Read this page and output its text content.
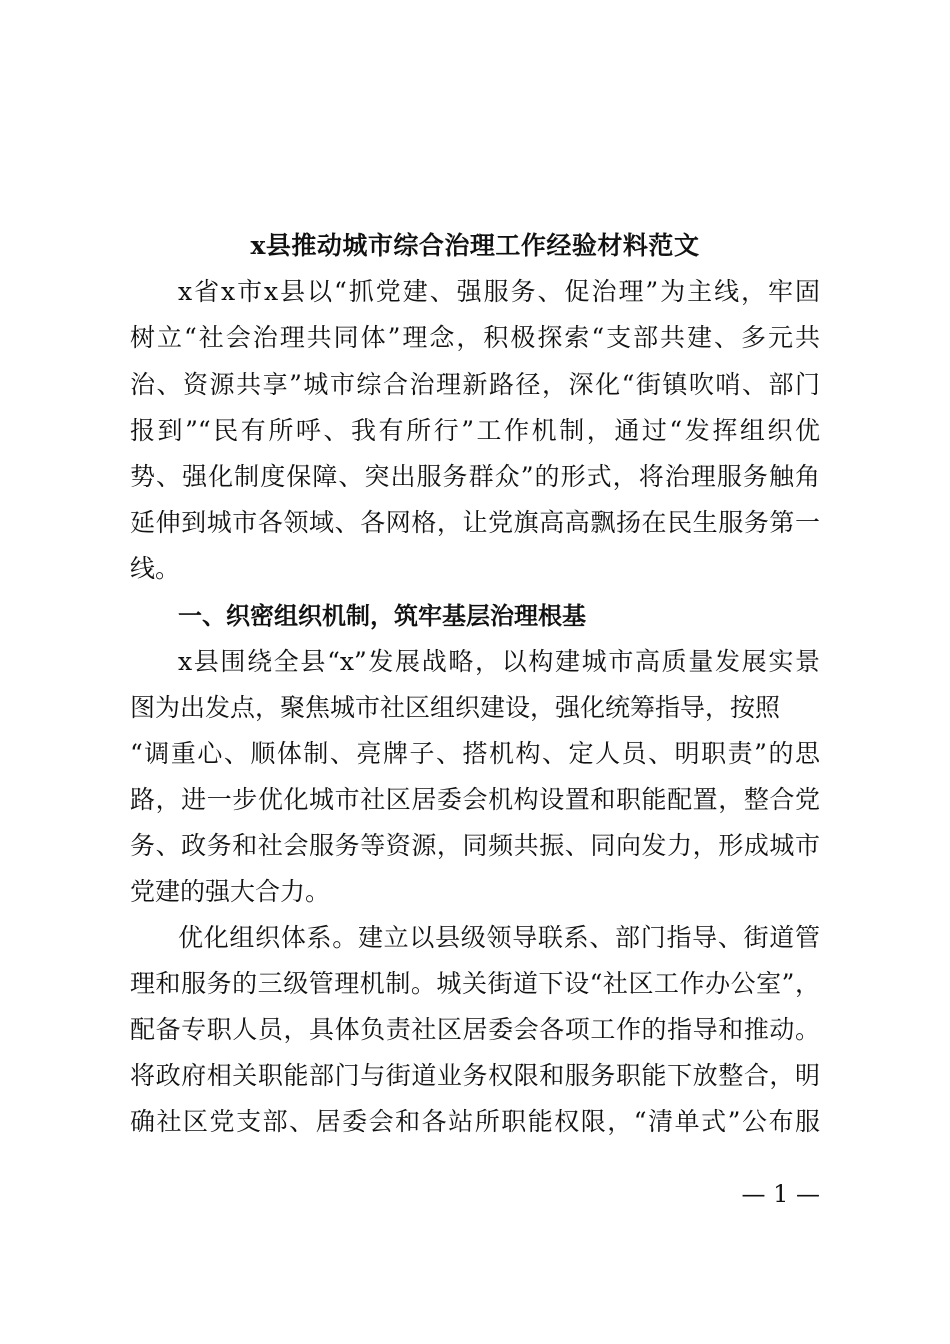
x县推动城市综合治理工作经验材料范文
x省x市x县以“抓党建、强服务、促治理”为主线，牢固
树立“社会治理共同体”理念，积极探索“支部共建、多元共
治、资源共享”城市综合治理新路径，深化“街镇吹哨、部门
报到”“民有所呼、我有所行”工作机制，通过“发挥组织优
势、强化制度保障、突出服务群众”的形式，将治理服务触角
延伸到城市各领域、各网格，让党旗高高飘扬在民生服务第一
线。
一、织密组织机制，筑牢基层治理根基
x县围绕全县“x”发展战略，以构建城市高质量发展实景
图为出发点，聚焦城市社区组织建设，强化统筹指导，按照
“调重心、顺体制、亮牌子、搭机构、定人员、明职责”的思
路，进一步优化城市社区居委会机构设置和职能配置，整合党
务、政务和社会服务等资源，同频共振、同向发力，形成城市
党建的强大合力。
优化组织体系。建立以县级领导联系、部门指导、街道管
理和服务的三级管理机制。城关街道下设“社区工作办公室”，
配备专职人员，具体负责社区居委会各项工作的指导和推动。
将政府相关职能部门与街道业务权限和服务职能下放整合，明
确社区党支部、居委会和各站所职能权限，“清单式”公布服
— 1 —
